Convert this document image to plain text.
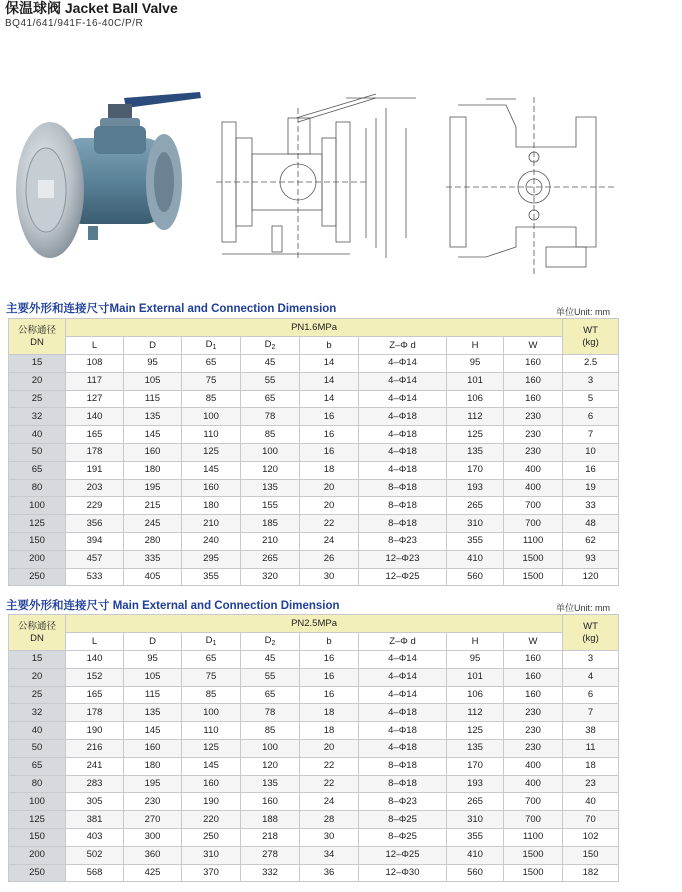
保温球阀 Jacket Ball Valve
BQ41/641/941F-16-40C/P/R
主要外形和连接尺寸Main External and Connection Dimension	单位Unit: mm
公称通径
DN	PN1.6MPa								WT
(kg)
	L	D	$D_1$	$D_2$	b	Z–Φ d	H	W	
15	108	95	65	45	14	4–Φ14	95	160	2.5
20	117	105	75	55	14	4–Φ14	101	160	3
25	127	115	85	65	14	4–Φ14	106	160	5
32	140	135	100	78	16	4–Φ18	112	230	6
40	165	145	110	85	16	4–Φ18	125	230	7
50	178	160	125	100	16	4–Φ18	135	230	10
65	191	180	145	120	18	4–Φ18	170	400	16
80	203	195	160	135	20	8–Φ18	193	400	19
100	229	215	180	155	20	8–Φ18	265	700	33
125	356	245	210	185	22	8–Φ18	310	700	48
150	394	280	240	210	24	8–Φ23	355	1100	62
200	457	335	295	265	26	12–Φ23	410	1500	93
250	533	405	355	320	30	12–Φ25	560	1500	120
主要外形和连接尺寸 Main External and Connection Dimension	单位Unit: mm
公称通径
DN	PN2.5MPa								WT
(kg)
	L	D	$D_1$	$D_2$	b	Z–Φ d	H	W	
15	140	95	65	45	16	4–Φ14	95	160	3
20	152	105	75	55	16	4–Φ14	101	160	4
25	165	115	85	65	16	4–Φ14	106	160	6
32	178	135	100	78	18	4–Φ18	112	230	7
40	190	145	110	85	18	4–Φ18	125	230	38
50	216	160	125	100	20	4–Φ18	135	230	11
65	241	180	145	120	22	8–Φ18	170	400	18
80	283	195	160	135	22	8–Φ18	193	400	23
100	305	230	190	160	24	8–Φ23	265	700	40
125	381	270	220	188	28	8–Φ25	310	700	70
150	403	300	250	218	30	8–Φ25	355	1100	102
200	502	360	310	278	34	12–Φ25	410	1500	150
250	568	425	370	332	36	12–Φ30	560	1500	182
